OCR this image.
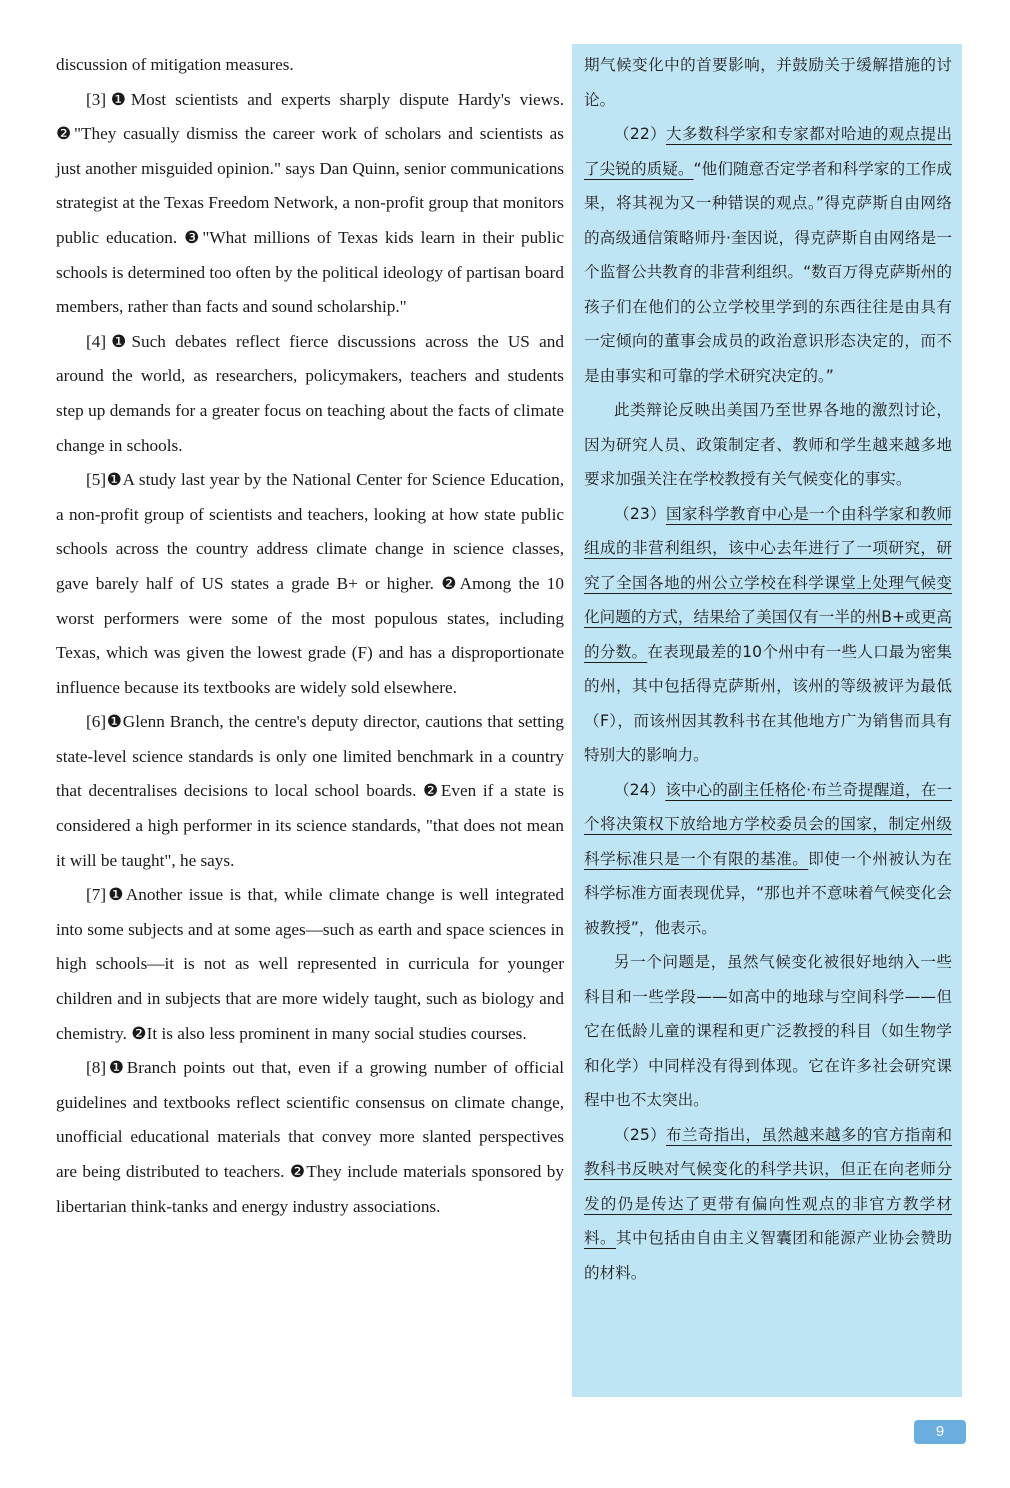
discussion of mitigation measures.

[3]❶Most scientists and experts sharply dispute Hardy's views. ❷"They casually dismiss the career work of scholars and scientists as just another misguided opinion." says Dan Quinn, senior communications strategist at the Texas Freedom Network, a non-profit group that monitors public education. ❸"What millions of Texas kids learn in their public schools is determined too often by the political ideology of partisan board members, rather than facts and sound scholarship."

[4]❶Such debates reflect fierce discussions across the US and around the world, as researchers, policymakers, teachers and students step up demands for a greater focus on teaching about the facts of climate change in schools.

[5]❶A study last year by the National Center for Science Education, a non-profit group of scientists and teachers, looking at how state public schools across the country address climate change in science classes, gave barely half of US states a grade B+ or higher. ❷Among the 10 worst performers were some of the most populous states, including Texas, which was given the lowest grade (F) and has a disproportionate influence because its textbooks are widely sold elsewhere.

[6]❶Glenn Branch, the centre's deputy director, cautions that setting state-level science standards is only one limited benchmark in a country that decentralises decisions to local school boards. ❷Even if a state is considered a high performer in its science standards, "that does not mean it will be taught", he says.

[7]❶Another issue is that, while climate change is well integrated into some subjects and at some ages—such as earth and space sciences in high schools—it is not as well represented in curricula for younger children and in subjects that are more widely taught, such as biology and chemistry. ❷It is also less prominent in many social studies courses.

[8]❶Branch points out that, even if a growing number of official guidelines and textbooks reflect scientific consensus on climate change, unofficial educational materials that convey more slanted perspectives are being distributed to teachers. ❷They include materials sponsored by libertarian think-tanks and energy industry associations.

期气候变化中的首要影响，并鼓励关于缓解措施的讨论。

（22）大多数科学家和专家都对哈迪的观点提出了尖锐的质疑。“他们随意否定学者和科学家的工作成果，将其视为又一种错误的观点。”得克萨斯自由网络的高级通信策略师丹·奎因说，得克萨斯自由网络是一个监督公共教育的非营利组织。“数百万得克萨斯州的孩子们在他们的公立学校里学到的东西往往是由具有一定倾向的董事会成员的政治意识形态决定的，而不是由事实和可靠的学术研究决定的。”

此类辩论反映出美国乃至世界各地的激烈讨论，因为研究人员、政策制定者、教师和学生越来越多地要求加强关注在学校教授有关气候变化的事实。

（23）国家科学教育中心是一个由科学家和教师组成的非营利组织，该中心去年进行了一项研究，研究了全国各地的州公立学校在科学课堂上处理气候变化问题的方式，结果给了美国仅有一半的州B+或更高的分数。在表现最差的10个州中有一些人口最为密集的州，其中包括得克萨斯州，该州的等级被评为最低（F），而该州因其教科书在其他地方广为销售而具有特别大的影响力。

（24）该中心的副主任格伦·布兰奇提醒道，在一个将决策权下放给地方学校委员会的国家，制定州级科学标准只是一个有限的基准。即使一个州被认为在科学标准方面表现优异，“那也并不意味着气候变化会被教授”，他表示。

另一个问题是，虽然气候变化被很好地纳入一些科目和一些学段——如高中的地球与空间科学——但它在低龄儿童的课程和更广泛教授的科目（如生物学和化学）中同样没有得到体现。它在许多社会研究课程中也不太突出。

（25）布兰奇指出，虽然越来越多的官方指南和教科书反映对气候变化的科学共识，但正在向老师分发的仍是传达了更带有偏向性观点的非官方教学材料。其中包括由自由主义智囊团和能源产业协会赞助的材料。

9
